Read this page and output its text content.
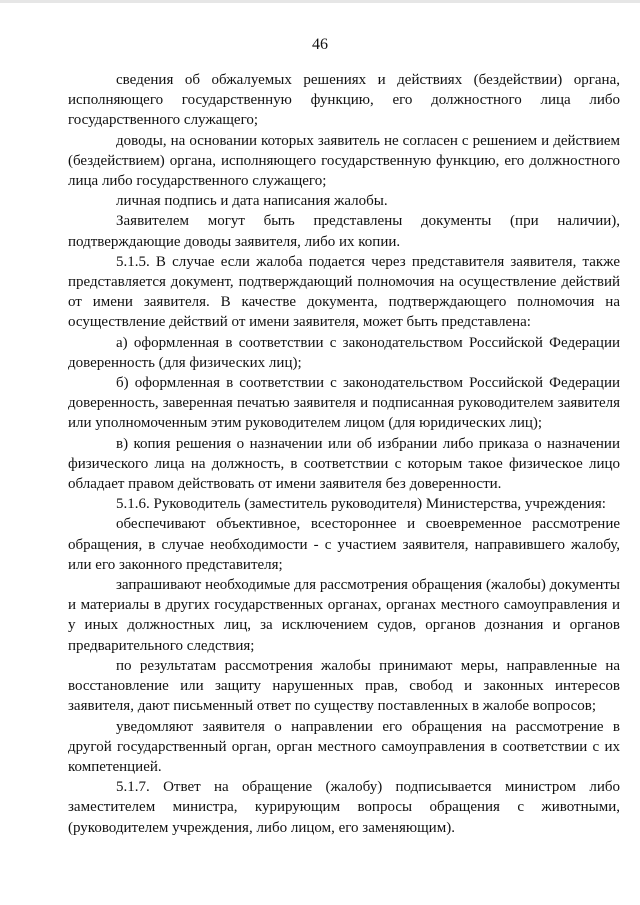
46

сведения об обжалуемых решениях и действиях (бездействии) органа, исполняющего государственную функцию, его должностного лица либо государственного служащего;

доводы, на основании которых заявитель не согласен с решением и действием (бездействием) органа, исполняющего государственную функцию, его должностного лица либо государственного служащего;

личная подпись и дата написания жалобы.

Заявителем могут быть представлены документы (при наличии), подтверждающие доводы заявителя, либо их копии.

5.1.5. В случае если жалоба подается через представителя заявителя, также представляется документ, подтверждающий полномочия на осуществление действий от имени заявителя. В качестве документа, подтверждающего полномочия на осуществление действий от имени заявителя, может быть представлена:

а) оформленная в соответствии с законодательством Российской Федерации доверенность (для физических лиц);

б) оформленная в соответствии с законодательством Российской Федерации доверенность, заверенная печатью заявителя и подписанная руководителем заявителя или уполномоченным этим руководителем лицом (для юридических лиц);

в) копия решения о назначении или об избрании либо приказа о назначении физического лица на должность, в соответствии с которым такое физическое лицо обладает правом действовать от имени заявителя без доверенности.

5.1.6. Руководитель (заместитель руководителя) Министерства, учреждения:

обеспечивают объективное, всестороннее и своевременное рассмотрение обращения, в случае необходимости - с участием заявителя, направившего жалобу, или его законного представителя;

запрашивают необходимые для рассмотрения обращения (жалобы) документы и материалы в других государственных органах, органах местного самоуправления и у иных должностных лиц, за исключением судов, органов дознания и органов предварительного следствия;

по результатам рассмотрения жалобы принимают меры, направленные на восстановление или защиту нарушенных прав, свобод и законных интересов заявителя, дают письменный ответ по существу поставленных в жалобе вопросов;

уведомляют заявителя о направлении его обращения на рассмотрение в другой государственный орган, орган местного самоуправления в соответствии с их компетенцией.

5.1.7. Ответ на обращение (жалобу) подписывается министром либо заместителем министра, курирующим вопросы обращения с животными, (руководителем учреждения, либо лицом, его заменяющим).
